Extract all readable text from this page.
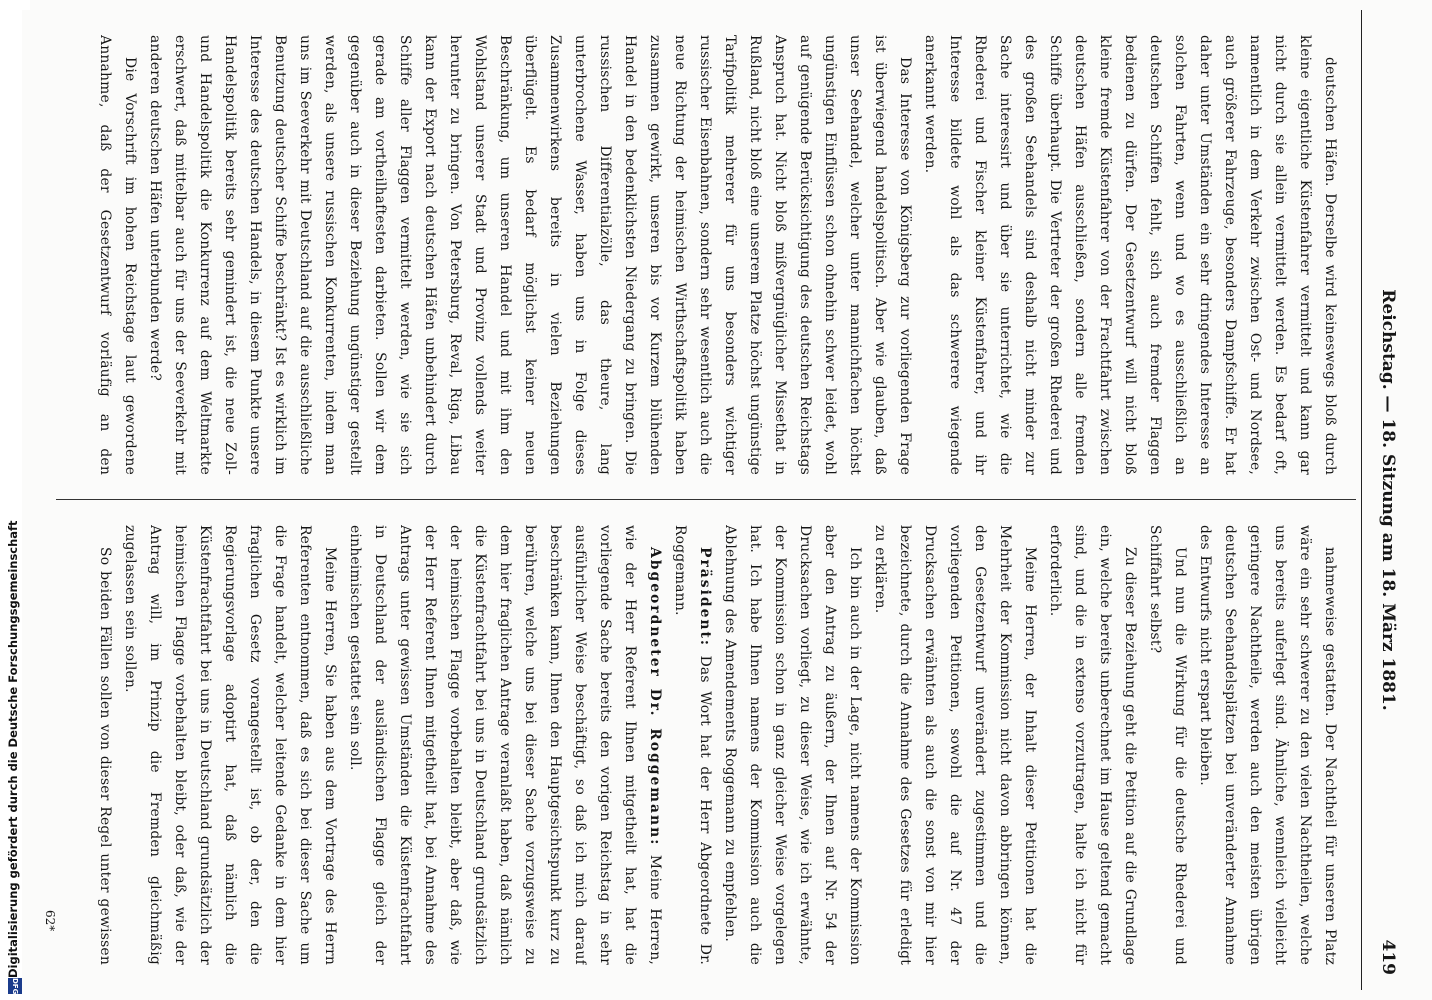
Digitalisierung gefördert durch die Deutsche Forschungsgemeinschaft
DFG
Reichstag. — 18. Sitzung am 18. März 1881.
419

deutschen Häfen. Derselbe wird keineswegs bloß durch kleine eigentliche Küstenfahrer vermittelt und kann gar nicht durch sie allein vermittelt werden. Es bedarf oft, namentlich in dem Verkehr zwischen Ost- und Nordsee, auch größerer Fahrzeuge, besonders Dampfschiffe. Er hat daher unter Umständen ein sehr dringendes Interesse an solchen Fahrten, wenn und wo es ausschließlich an deutschen Schiffen fehlt, sich auch fremder Flaggen bedienen zu dürfen. Der Gesetzentwurf will nicht bloß kleine fremde Küstenfahrer von der Frachtfahrt zwischen deutschen Häfen ausschließen, sondern alle fremden Schiffe überhaupt. Die Vertreter der großen Rhederei und des großen Seehandels sind deshalb nicht minder zur Sache interessirt und über sie unterrichtet, wie die Rhederei und Fischer kleiner Küstenfahrer, und ihr Interesse bildete wohl als das schwerere wiegende anerkannt werden.

Das Interesse von Königsberg zur vorliegenden Frage ist überwiegend handelspolitisch. Aber wie glauben, daß unser Seehandel, welcher unter mannichfachen höchst ungünstigen Einflüssen schon ohnehin schwer leidet, wohl auf genügende Berücksichtigung des deutschen Reichstags Anspruch hat. Nicht bloß mißvergnüglicher Missethat in Rußland, nicht bloß eine unserem Platze höchst ungünstige Tarifpolitik mehrerer für uns besonders wichtiger russischer Eisenbahnen, sondern sehr wesentlich auch die neue Richtung der heimischen Wirthschaftspolitik haben zusammen gewirkt, unseren bis vor Kurzem blühenden Handel in den bedenklichsten Niedergang zu bringen. Die russischen Differentialzölle, das theure, lang unterbrochene Wasser, haben uns in Folge dieses Zusammenwirkens bereits in vielen Beziehungen überflügelt. Es bedarf möglichst keiner neuen Beschränkung, um unseren Handel und mit ihm den Wohlstand unserer Stadt und Provinz vollends weiter herunter zu bringen. Von Petersburg, Reval, Riga, Libau kann der Export nach deutschen Häfen unbehindert durch Schiffe aller Flaggen vermittelt werden, wie sie sich gerade am vortheilhaftesten darbieten. Sollen wir dem gegenüber auch in dieser Beziehung ungünstiger gestellt werden, als unsere russischen Konkurrenten, indem man uns im Seeverkehr mit Deutschland auf die ausschließliche Benutzung deutscher Schiffe beschränkt? Ist es wirklich im Interesse des deutschen Handels, in diesem Punkte unsere Handelspolitik bereits sehr gemindert ist, die neue Zoll- und Handelspolitik die Konkurrenz auf dem Weltmarkte erschwert, daß mittelbar auch für uns der Seeverkehr mit anderen deutschen Häfen unterbunden werde?

Die Vorschrift im hohen Reichstage laut gewordene Annahme, daß der Gesetzentwurf vorläufig an den

nahmeweise gestatten. Der Nachtheil für unseren Platz wäre ein sehr schwerer zu den vielen Nachtheilen, welche uns bereits auferlegt sind. Ähnliche, wennleich vielleicht geringere Nachtheile, werden auch den meisten übrigen deutschen Seehandelsplätzen bei unveränderter Annahme des Entwurfs nicht erspart bleiben.

Und nun die Wirkung für die deutsche Rhederei und Schiffahrt selbst?

Zu dieser Beziehung geht die Petition auf die Grundlage ein, welche bereits unberechnet im Hause geltend gemacht sind, und die in extenso vorzutragen, halte ich nicht für erforderlich.

Meine Herren, der Inhalt dieser Petitionen hat die Mehrheit der Kommission nicht davon abbringen können, den Gesetzentwurf unverändert zugestimmen und die vorliegenden Petitionen, sowohl die auf Nr. 47 der Drucksachen erwähnten als auch die sonst von mir hier bezeichnete, durch die Annahme des Gesetzes für erledigt zu erklären.

Ich bin auch in der Lage, nicht namens der Kommission aber den Antrag zu äußern, der Ihnen auf Nr. 54 der Drucksachen vorliegt, zu dieser Weise, wie ich erwähnte, der Kommission schon in ganz gleicher Weise vorgelegen hat. Ich habe Ihnen namens der Kommission auch die Ablehnung des Amendements Roggemann zu empfehlen.

Präsident: Das Wort hat der Herr Abgeordnete Dr. Roggemann.

Abgeordneter Dr. Roggemann: Meine Herren, wie der Herr Referent Ihnen mitgetheilt hat, hat die vorliegende Sache bereits den vorigen Reichstag in sehr ausführlicher Weise beschäftigt, so daß ich mich darauf beschränken kann, Ihnen den Hauptgesichtspunkt kurz zu berühren, welche uns bei dieser Sache vorzugsweise zu dem hier fraglichen Antrage veranlaßt haben, daß nämlich die Küstenfrachtfahrt bei uns in Deutschland grundsätzlich der heimischen Flagge vorbehalten bleibt, aber daß, wie der Herr Referent Ihnen mitgetheilt hat, bei Annahme des Antrags unter gewissen Umständen die Küstenfrachtfahrt in Deutschland der ausländischen Flagge gleich der einheimischen gestattet sein soll.

Meine Herren, Sie haben aus dem Vortrage des Herrn Referenten entnommen, daß es sich bei dieser Sache um die Frage handelt, welcher leitende Gedanke in dem hier fraglichen Gesetz vorangestellt ist, ob der, den die Regierungsvorlage adoptirt hat, daß nämlich die Küstenfrachtfahrt bei uns in Deutschland grundsätzlich der heimischen Flagge vorbehalten bleibt, oder daß, wie der Antrag will, im Prinzip die Fremden gleichmäßig zugelassen sein sollen.

So beiden Fällen sollen von dieser Regel unter gewissen

62*
